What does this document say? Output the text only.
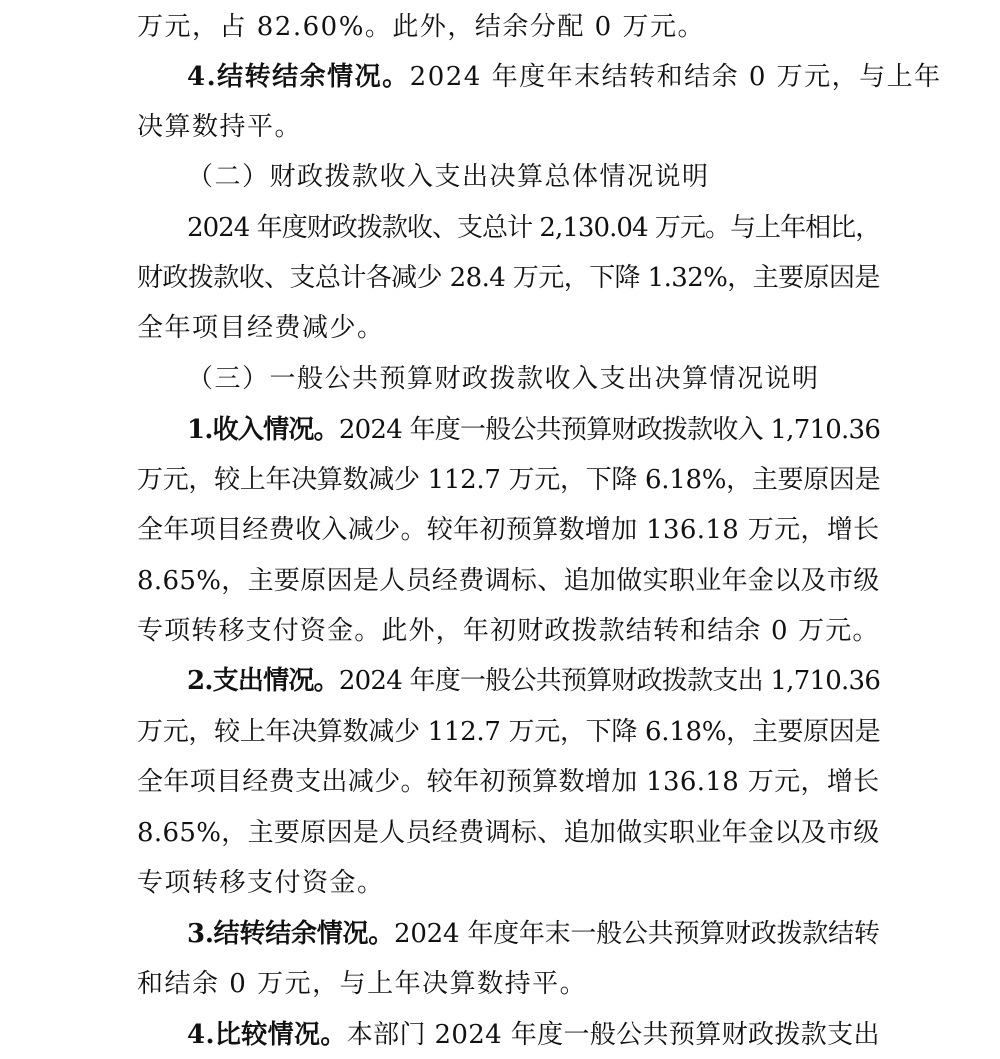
万元，占 82.60%。此外，结余分配 0 万元。
4.结转结余情况。2024 年度年末结转和结余 0 万元，与上年
决算数持平。
（二）财政拨款收入支出决算总体情况说明
2024 年度财政拨款收、支总计 2,130.04 万元。与上年相比，
财政拨款收、支总计各减少 28.4 万元，下降 1.32%，主要原因是
全年项目经费减少。
（三）一般公共预算财政拨款收入支出决算情况说明
1.收入情况。2024 年度一般公共预算财政拨款收入 1,710.36
万元，较上年决算数减少 112.7 万元，下降 6.18%，主要原因是
全年项目经费收入减少。较年初预算数增加 136.18 万元，增长
8.65%，主要原因是人员经费调标、追加做实职业年金以及市级
专项转移支付资金。此外，年初财政拨款结转和结余 0 万元。
2.支出情况。2024 年度一般公共预算财政拨款支出 1,710.36
万元，较上年决算数减少 112.7 万元，下降 6.18%，主要原因是
全年项目经费支出减少。较年初预算数增加 136.18 万元，增长
8.65%，主要原因是人员经费调标、追加做实职业年金以及市级
专项转移支付资金。
3.结转结余情况。2024 年度年末一般公共预算财政拨款结转
和结余 0 万元，与上年决算数持平。
4.比较情况。本部门 2024 年度一般公共预算财政拨款支出
